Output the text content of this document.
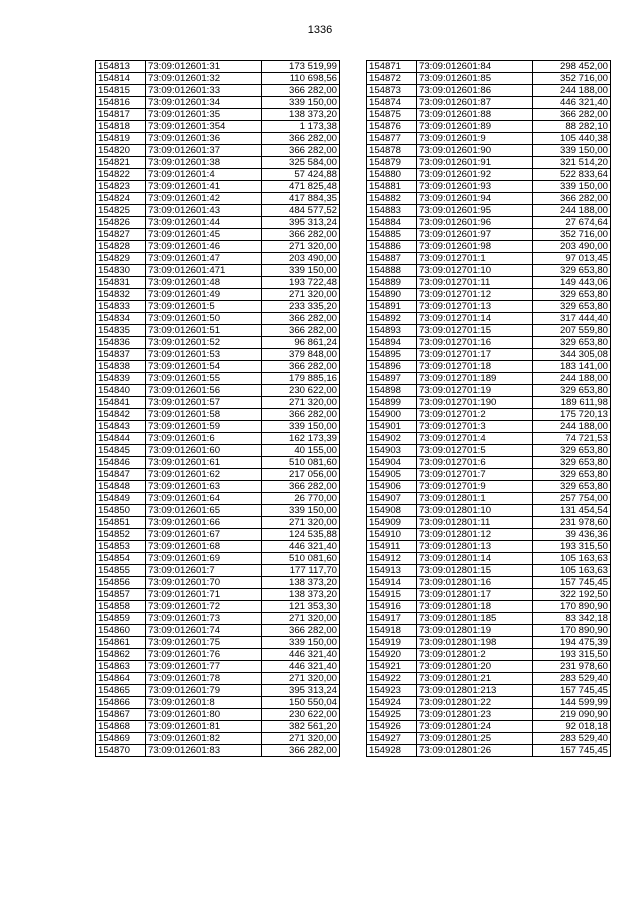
1336
154813	73:09:012601:31	173 519,99
154814	73:09:012601:32	110 698,56
154815	73:09:012601:33	366 282,00
154816	73:09:012601:34	339 150,00
154817	73:09:012601:35	138 373,20
154818	73:09:012601:354	1 173,38
154819	73:09:012601:36	366 282,00
154820	73:09:012601:37	366 282,00
154821	73:09:012601:38	325 584,00
154822	73:09:012601:4	57 424,88
154823	73:09:012601:41	471 825,48
154824	73:09:012601:42	417 884,35
154825	73:09:012601:43	484 577,52
154826	73:09:012601:44	395 313,24
154827	73:09:012601:45	366 282,00
154828	73:09:012601:46	271 320,00
154829	73:09:012601:47	203 490,00
154830	73:09:012601:471	339 150,00
154831	73:09:012601:48	193 722,48
154832	73:09:012601:49	271 320,00
154833	73:09:012601:5	233 335,20
154834	73:09:012601:50	366 282,00
154835	73:09:012601:51	366 282,00
154836	73:09:012601:52	96 861,24
154837	73:09:012601:53	379 848,00
154838	73:09:012601:54	366 282,00
154839	73:09:012601:55	179 885,16
154840	73:09:012601:56	230 622,00
154841	73:09:012601:57	271 320,00
154842	73:09:012601:58	366 282,00
154843	73:09:012601:59	339 150,00
154844	73:09:012601:6	162 173,39
154845	73:09:012601:60	40 155,00
154846	73:09:012601:61	510 081,60
154847	73:09:012601:62	217 056,00
154848	73:09:012601:63	366 282,00
154849	73:09:012601:64	26 770,00
154850	73:09:012601:65	339 150,00
154851	73:09:012601:66	271 320,00
154852	73:09:012601:67	124 535,88
154853	73:09:012601:68	446 321,40
154854	73:09:012601:69	510 081,60
154855	73:09:012601:7	177 117,70
154856	73:09:012601:70	138 373,20
154857	73:09:012601:71	138 373,20
154858	73:09:012601:72	121 353,30
154859	73:09:012601:73	271 320,00
154860	73:09:012601:74	366 282,00
154861	73:09:012601:75	339 150,00
154862	73:09:012601:76	446 321,40
154863	73:09:012601:77	446 321,40
154864	73:09:012601:78	271 320,00
154865	73:09:012601:79	395 313,24
154866	73:09:012601:8	150 550,04
154867	73:09:012601:80	230 622,00
154868	73:09:012601:81	382 561,20
154869	73:09:012601:82	271 320,00
154870	73:09:012601:83	366 282,00
154871	73:09:012601:84	298 452,00
154872	73:09:012601:85	352 716,00
154873	73:09:012601:86	244 188,00
154874	73:09:012601:87	446 321,40
154875	73:09:012601:88	366 282,00
154876	73:09:012601:89	88 282,10
154877	73:09:012601:9	105 440,38
154878	73:09:012601:90	339 150,00
154879	73:09:012601:91	321 514,20
154880	73:09:012601:92	522 833,64
154881	73:09:012601:93	339 150,00
154882	73:09:012601:94	366 282,00
154883	73:09:012601:95	244 188,00
154884	73:09:012601:96	27 674,64
154885	73:09:012601:97	352 716,00
154886	73:09:012601:98	203 490,00
154887	73:09:012701:1	97 013,45
154888	73:09:012701:10	329 653,80
154889	73:09:012701:11	149 443,06
154890	73:09:012701:12	329 653,80
154891	73:09:012701:13	329 653,80
154892	73:09:012701:14	317 444,40
154893	73:09:012701:15	207 559,80
154894	73:09:012701:16	329 653,80
154895	73:09:012701:17	344 305,08
154896	73:09:012701:18	183 141,00
154897	73:09:012701:189	244 188,00
154898	73:09:012701:19	329 653,80
154899	73:09:012701:190	189 611,98
154900	73:09:012701:2	175 720,13
154901	73:09:012701:3	244 188,00
154902	73:09:012701:4	74 721,53
154903	73:09:012701:5	329 653,80
154904	73:09:012701:6	329 653,80
154905	73:09:012701:7	329 653,80
154906	73:09:012701:9	329 653,80
154907	73:09:012801:1	257 754,00
154908	73:09:012801:10	131 454,54
154909	73:09:012801:11	231 978,60
154910	73:09:012801:12	39 436,36
154911	73:09:012801:13	193 315,50
154912	73:09:012801:14	105 163,63
154913	73:09:012801:15	105 163,63
154914	73:09:012801:16	157 745,45
154915	73:09:012801:17	322 192,50
154916	73:09:012801:18	170 890,90
154917	73:09:012801:185	83 342,18
154918	73:09:012801:19	170 890,90
154919	73:09:012801:198	194 475,39
154920	73:09:012801:2	193 315,50
154921	73:09:012801:20	231 978,60
154922	73:09:012801:21	283 529,40
154923	73:09:012801:213	157 745,45
154924	73:09:012801:22	144 599,99
154925	73:09:012801:23	219 090,90
154926	73:09:012801:24	92 018,18
154927	73:09:012801:25	283 529,40
154928	73:09:012801:26	157 745,45
